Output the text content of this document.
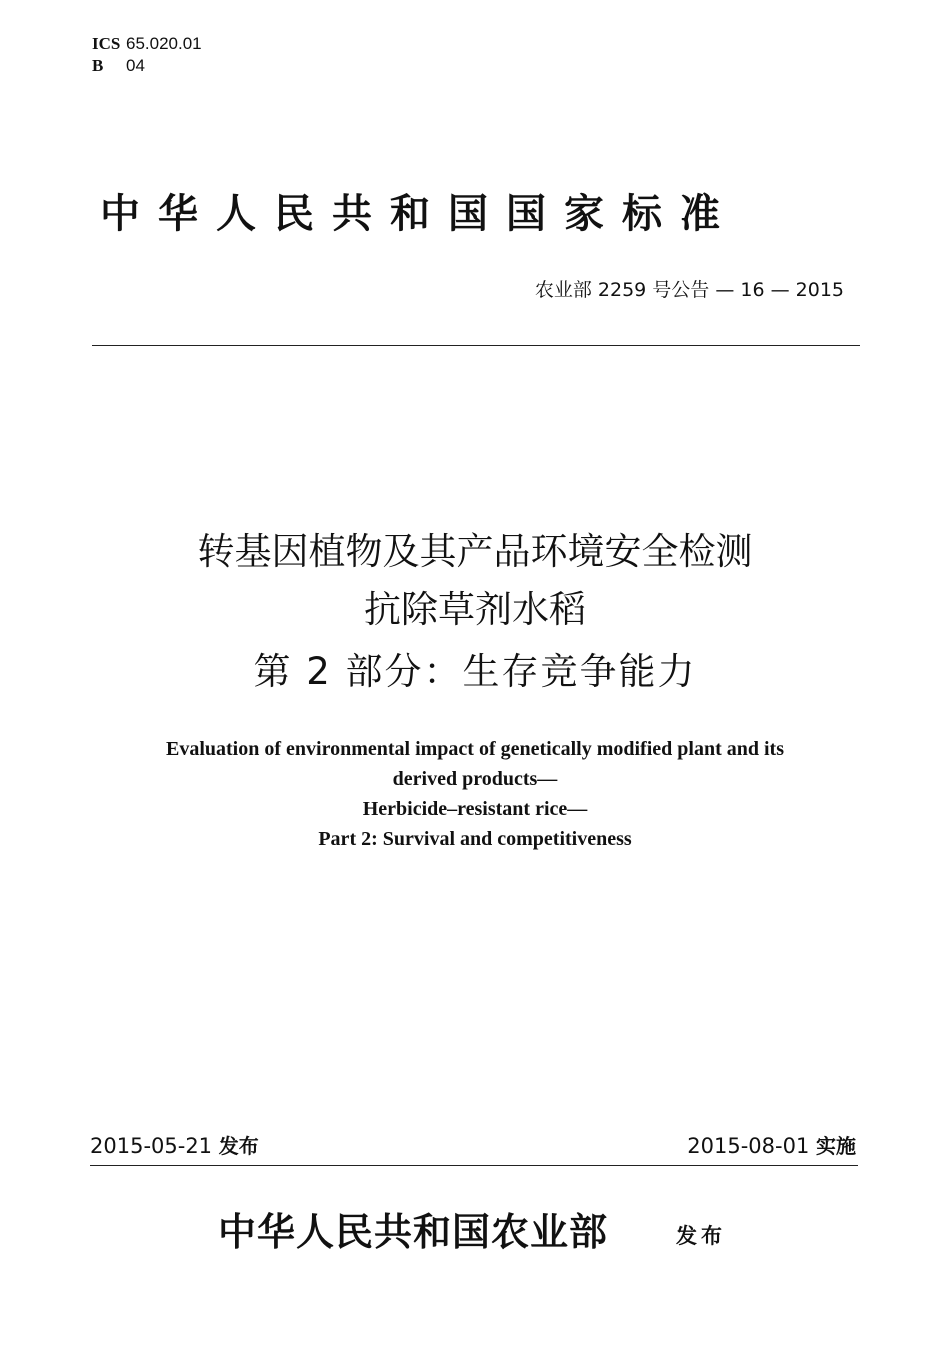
ICS 65.020.01
B 04
中华人民共和国国家标准
农业部 2259 号公告 — 16 — 2015
转基因植物及其产品环境安全检测
抗除草剂水稻
第 2 部分：生存竞争能力
Evaluation of environmental impact of genetically modified plant and its
derived products—
Herbicide–resistant rice—
Part 2: Survival and competitiveness
2015-05-21 发布	2015-08-01 实施
中华人民共和国农业部	发布
